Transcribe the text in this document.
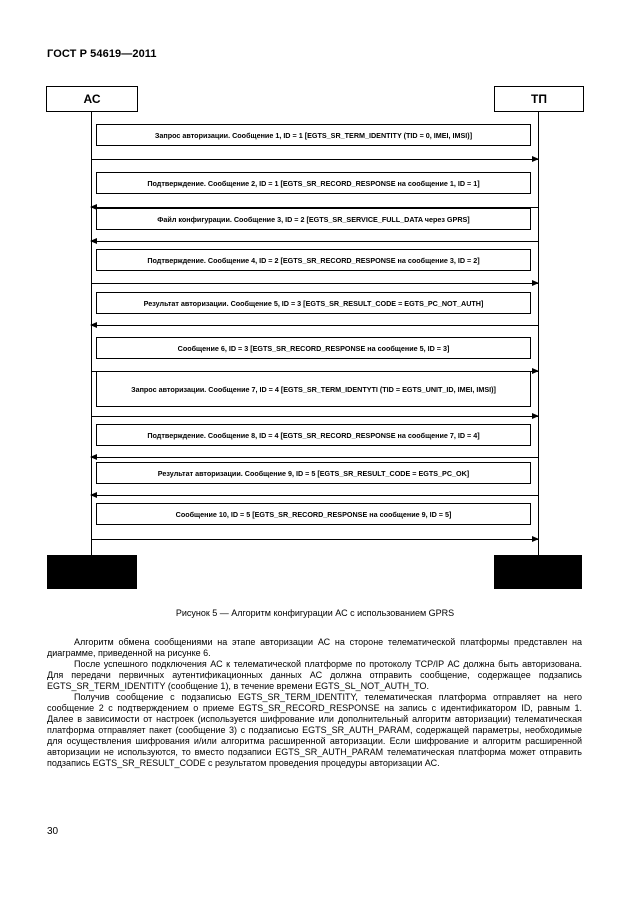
ГОСТ Р 54619—2011
АС	ТП
Запрос авторизации. Сообщение 1, ID = 1 [EGTS_SR_TERM_IDENTITY (TID = 0, IMEI, IMSI)]
Подтверждение. Сообщение 2, ID = 1 [EGTS_SR_RECORD_RESPONSE на сообщение 1, ID = 1]
Файл конфигурации. Сообщение 3, ID = 2 [EGTS_SR_SERVICE_FULL_DATA через GPRS]
Подтверждение. Сообщение 4, ID = 2 [EGTS_SR_RECORD_RESPONSE на сообщение 3, ID = 2]
Результат авторизации. Сообщение 5, ID = 3 [EGTS_SR_RESULT_CODE = EGTS_PC_NOT_AUTH]
Сообщение 6, ID = 3 [EGTS_SR_RECORD_RESPONSE на сообщение 5, ID = 3]
Запрос авторизации. Сообщение 7, ID = 4 [EGTS_SR_TERM_IDENTYTI (TID = EGTS_UNIT_ID, IMEI, IMSI)]
Подтверждение. Сообщение 8, ID = 4 [EGTS_SR_RECORD_RESPONSE на сообщение 7, ID = 4]
Результат авторизации. Сообщение 9, ID = 5 [EGTS_SR_RESULT_CODE = EGTS_PC_OK]
Сообщение 10, ID = 5 [EGTS_SR_RECORD_RESPONSE на сообщение 9, ID = 5]
Рисунок 5 — Алгоритм конфигурации АС с использованием GPRS

Алгоритм обмена сообщениями на этапе авторизации АС на стороне телематической платформы представлен на диаграмме, приведенной на рисунке 6.

После успешного подключения АС к телематической платформе по протоколу TCP/IP АС должна быть авторизована. Для передачи первичных аутентификационных данных АС должна отправить сообщение, содержащее подзапись EGTS_SR_TERM_IDENTITY (сообщение 1), в течение времени EGTS_SL_NOT_AUTH_TO.

Получив сообщение с подзаписью EGTS_SR_TERM_IDENTITY, телематическая платформа отправляет на него сообщение 2 с подтверждением о приеме EGTS_SR_RECORD_RESPONSE на запись с идентификатором ID, равным 1. Далее в зависимости от настроек (используется шифрование или дополнительный алгоритм авторизации) телематическая платформа отправляет пакет (сообщение 3) с подзаписью EGTS_SR_AUTH_PARAM, содержащей параметры, необходимые для осуществления шифрования и/или алгоритма расширенной авторизации. Если шифрование и алгоритм расширенной авторизации не используются, то вместо подзаписи EGTS_SR_AUTH_PARAM телематическая платформа может отправить подзапись EGTS_SR_RESULT_CODE с результатом проведения процедуры авторизации АС.

30
